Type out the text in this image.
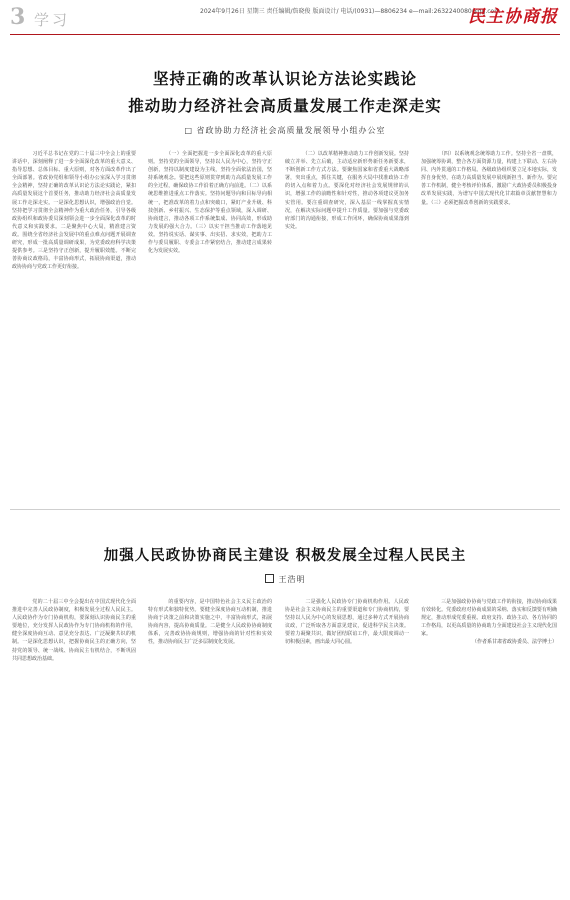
3 学习	2024年9月26日 星期三 责任编辑/詹晓俊 版面设计/ 电话/(0931)—8806234 e—mail:2632240080@qq.com
民主协商报
坚持正确的改革认识论方法论实践论
推动助力经济社会高质量发展工作走深走实
□ 省政协助力经济社会高质量发展领导小组办公室

　　习近平总书记在党的二十届三中全会上的重要讲话中，深刻阐释了进一步全面深化改革的重大意义、指导思想、总体目标、重大原则，对各方面改革作出了全面部署。省政协党组和领导小组办公室深入学习贯彻全会精神，坚持正确的改革认识论方法论实践论，紧扣高质量发展这个首要任务，推动助力经济社会高质量发展工作走深走实。一是深化思想认识，增强政治自觉。坚持把学习贯彻全会精神作为重大政治任务，引导各级政协组织和政协委员深刻领会进一步全面深化改革的时代意义和实践要求。二是聚焦中心大局，精准建言资政。围绕全省经济社会发展中的重点难点问题开展调查研究，形成一批高质量调研成果，为党委政府科学决策提供参考。三是坚持守正创新，提升履职效能。不断完善协商议政格局，丰富协商形式，拓展协商渠道，推动政协协商与党政工作更好衔接。

　　（一）全面把握进一步全面深化改革的重大原则。坚持党的全面领导，坚持以人民为中心，坚持守正创新，坚持以制度建设为主线，坚持全面依法治国，坚持系统观念。要把这些原则贯穿到助力高质量发展工作的全过程，确保政协工作沿着正确方向前进。（二）以系统思维推进重点工作落实。坚持问题导向和目标导向相统一，把准改革的着力点和突破口，紧盯产业升级、科技创新、乡村振兴、生态保护等重点领域，深入调研、协商建言，推动各项工作系统集成、协同高效，形成助力发展的强大合力。（三）以实干担当推动工作落地见效。坚持说实话、谋实事、出实招、求实效，把助力工作与委员履职、专委会工作紧密结合，推动建言成果转化为发展实效。

　　（二）以改革精神推动助力工作创新发展。坚持破立并举、先立后破，主动适应新形势新任务新要求，不断创新工作方式方法。要聚焦国家和省委重大战略部署，突出重点，抓住关键，在服务大局中找准政协工作的切入点和着力点。要深化对经济社会发展规律的认识，增强工作的前瞻性和针对性，推动各项建议更加务实管用。要注重调查研究，深入基层一线掌握真实情况，在解决实际问题中提升工作质量。要加强与党委政府部门的沟通衔接，形成工作闭环，确保协商成果落到实处。

　　（四）以系统观念统筹助力工作。坚持全省一盘棋，加强统筹协调，整合各方面资源力量，构建上下联动、左右协同、内外贯通的工作格局。各级政协组织要立足本地实际，发挥自身优势，在助力高质量发展中展现新担当、新作为。要完善工作机制，健全考核评价体系，激励广大政协委员积极投身改革发展实践，为谱写中国式现代化甘肃篇章贡献智慧和力量。（三）必须把握改革创新的实践要求。

加强人民政协协商民主建设 积极发展全过程人民民主
王浩明

　　党的二十届三中全会提出在中国式现代化全面推进中完善人民政协制度，积极发展全过程人民民主。人民政协作为专门协商机构，要深刻认识协商民主的重要地位，充分发挥人民政协作为专门协商机构的作用，健全深度协商互动、意见充分表达、广泛凝聚共识的机制。一是深化思想认识，把握协商民主的正确方向，坚持党的领导、统一战线、协商民主有机结合，不断巩固共同思想政治基础。

　　的重要内容，是中国特色社会主义民主政治的特有形式和独特优势。要健全深度协商互动机制，推进协商于决策之前和决策实施之中，丰富协商形式，拓展协商内容，提高协商质量。二是健全人民政协协商制度体系，完善政协协商规则，增强协商的针对性和实效性，推动协商民主广泛多层制度化发展。

　　二是强化人民政协专门协商机构作用。人民政协是社会主义协商民主的重要渠道和专门协商机构，要坚持以人民为中心的发展思想，通过多种方式开展协商议政，广泛听取各方面意见建议，促进科学民主决策。要着力凝聚共识，做好团结联谊工作，最大限度调动一切积极因素，画出最大同心圆。

　　三是加强政协协商与党政工作的衔接，推动协商成果有效转化。党委政府对协商成果的采纳、落实和反馈要有明确规定，推动形成党委重视、政府支持、政协主动、各方协同的工作格局，以更高质量的协商助力全面建设社会主义现代化国家。

（作者系甘肃省政协委员、法学博士）
